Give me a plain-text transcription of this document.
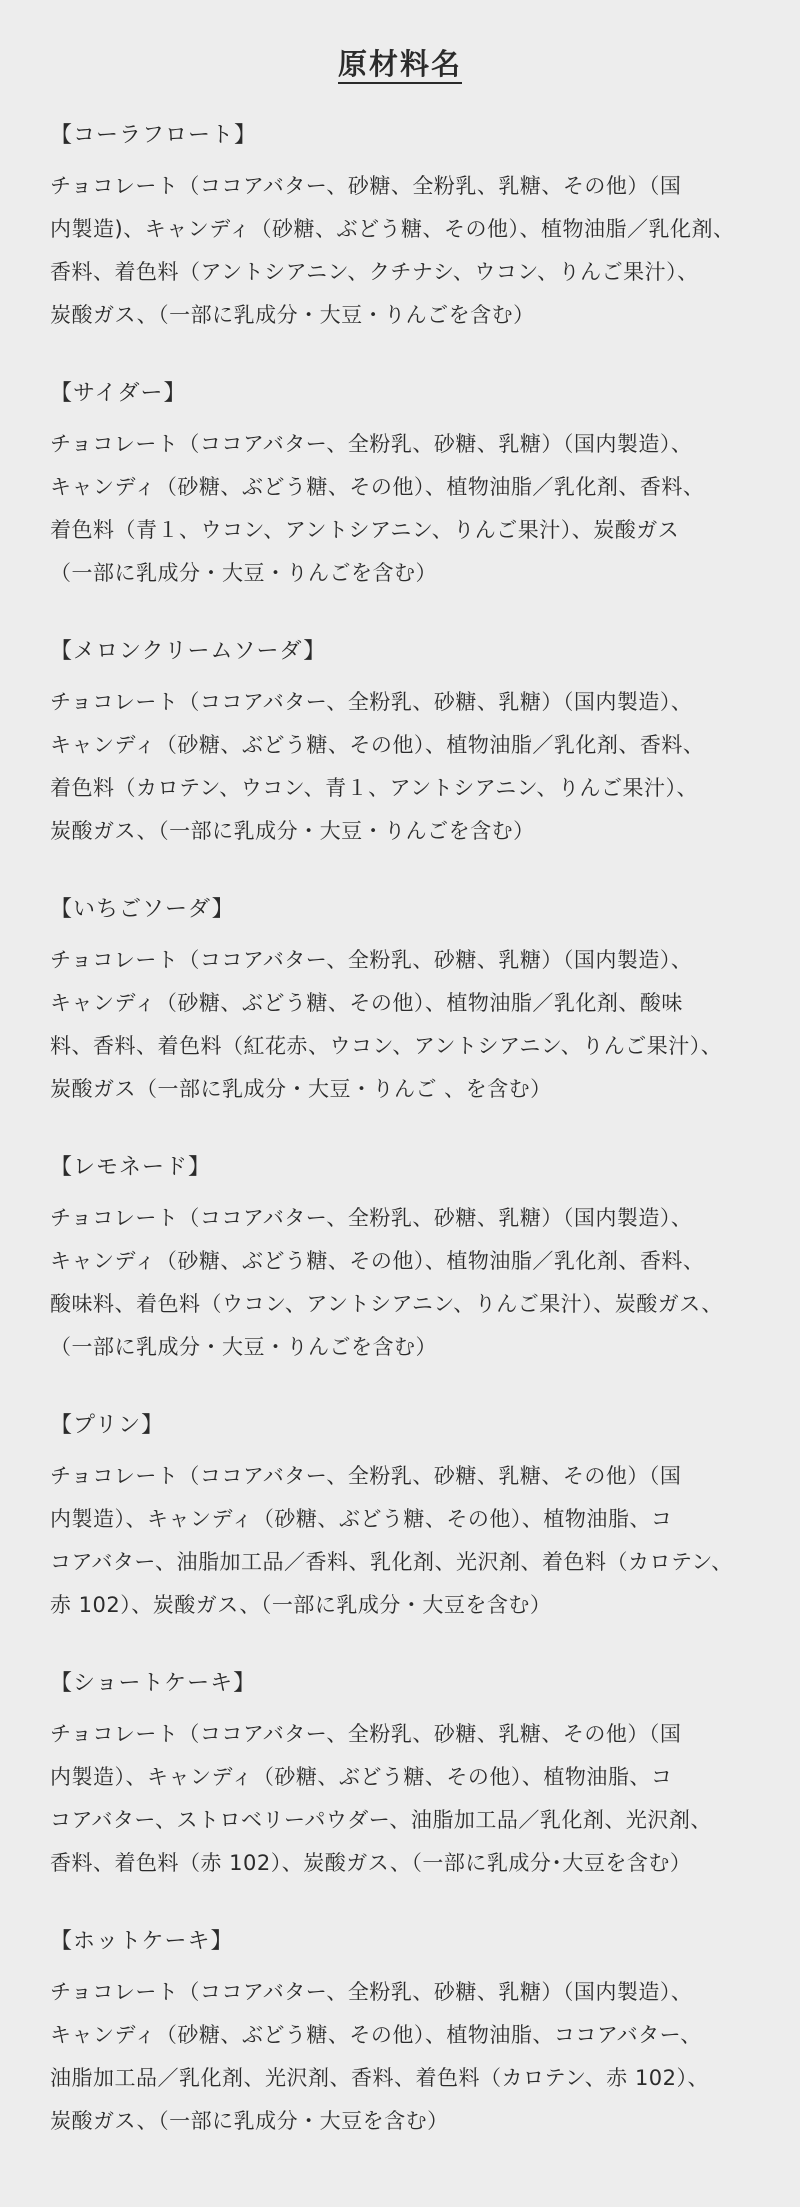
原材料名
【コーラフロート】
チョコレート（ココアバター、砂糖、全粉乳、乳糖、その他）（国
内製造)、キャンディ（砂糖、ぶどう糖、その他）、植物油脂／乳化剤、
香料、着色料（アントシアニン、クチナシ、ウコン、りんご果汁）、
炭酸ガス、（一部に乳成分・大豆・りんごを含む）
【サイダー】
チョコレート（ココアバター、全粉乳、砂糖、乳糖）（国内製造）、
キャンディ（砂糖、ぶどう糖、その他）、植物油脂／乳化剤、香料、
着色料（青１、ウコン、アントシアニン、りんご果汁）、炭酸ガス
（一部に乳成分・大豆・りんごを含む）
【メロンクリームソーダ】
チョコレート（ココアバター、全粉乳、砂糖、乳糖）（国内製造）、
キャンディ（砂糖、ぶどう糖、その他）、植物油脂／乳化剤、香料、
着色料（カロテン、ウコン、青１、アントシアニン、りんご果汁）、
炭酸ガス、（一部に乳成分・大豆・りんごを含む）
【いちごソーダ】
チョコレート（ココアバター、全粉乳、砂糖、乳糖）（国内製造）、
キャンディ（砂糖、ぶどう糖、その他）、植物油脂／乳化剤、酸味
料、香料、着色料（紅花赤、ウコン、アントシアニン、りんご果汁）、
炭酸ガス（一部に乳成分・大豆・りんご 、を含む）
【レモネード】
チョコレート（ココアバター、全粉乳、砂糖、乳糖）（国内製造）、
キャンディ（砂糖、ぶどう糖、その他）、植物油脂／乳化剤、香料、
酸味料、着色料（ウコン、アントシアニン、りんご果汁）、炭酸ガス、
（一部に乳成分・大豆・りんごを含む）
【プリン】
チョコレート（ココアバター、全粉乳、砂糖、乳糖、その他）（国
内製造）、キャンディ（砂糖、ぶどう糖、その他）、植物油脂、コ
コアバター、油脂加工品／香料、乳化剤、光沢剤、着色料（カロテン、
赤 102）、炭酸ガス、（一部に乳成分・大豆を含む）
【ショートケーキ】
チョコレート（ココアバター、全粉乳、砂糖、乳糖、その他）（国
内製造）、キャンディ（砂糖、ぶどう糖、その他）、植物油脂、コ
コアバター、ストロベリーパウダー、油脂加工品／乳化剤、光沢剤、
香料、着色料（赤 102）、炭酸ガス、（一部に乳成分･大豆を含む）
【ホットケーキ】
チョコレート（ココアバター、全粉乳、砂糖、乳糖）（国内製造）、
キャンディ（砂糖、ぶどう糖、その他）、植物油脂、ココアバター、
油脂加工品／乳化剤、光沢剤、香料、着色料（カロテン、赤 102）、
炭酸ガス、（一部に乳成分・大豆を含む）
